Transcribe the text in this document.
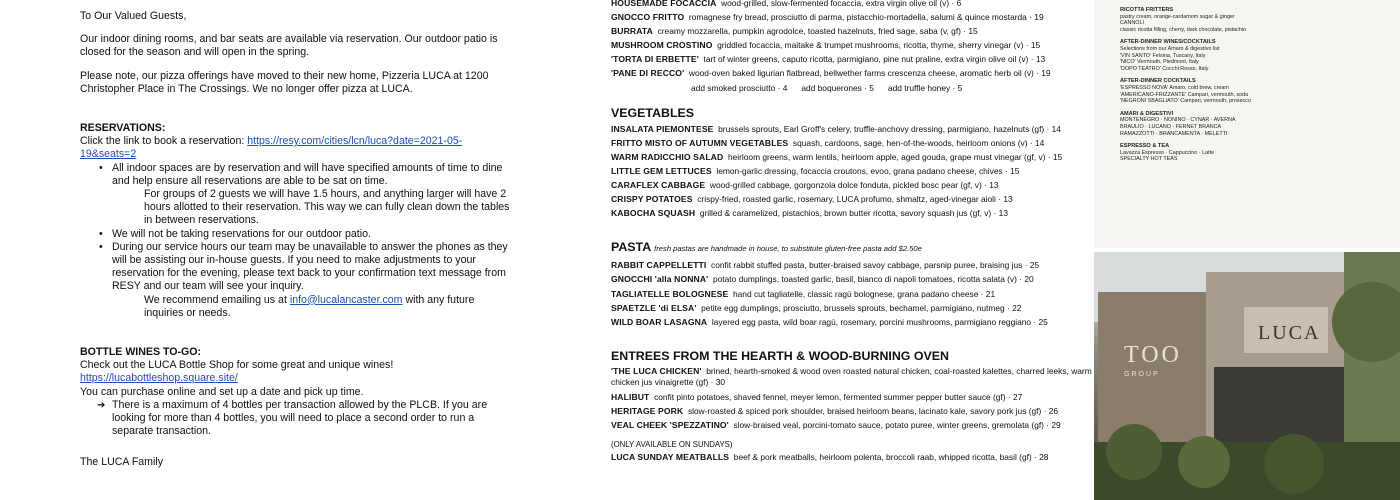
To Our Valued Guests,

Our indoor dining rooms, and bar seats are available via reservation. Our outdoor patio is closed for the season and will open in the spring.

Please note, our pizza offerings have moved to their new home, Pizzeria LUCA at 1200 Christopher Place in The Crossings. We no longer offer pizza at LUCA.

RESERVATIONS:
Click the link to book a reservation: https://resy.com/cities/lcn/luca?date=2021-05-19&seats=2
• All indoor spaces are by reservation and will have specified amounts of time to dine and help ensure all reservations are able to be sat on time.
For groups of 2 guests we will have 1.5 hours, and anything larger will have 2 hours allotted to their reservation. This way we can fully clean down the tables in between reservations.
• We will not be taking reservations for our outdoor patio.
• During our service hours our team may be unavailable to answer the phones as they will be assisting our in-house guests. If you need to make adjustments to your reservation for the evening, please text back to your confirmation text message from RESY and our team will see your inquiry.
We recommend emailing us at info@lucalancaster.com with any future inquiries or needs.
BOTTLE WINES TO-GO:
Check out the LUCA Bottle Shop for some great and unique wines!
https://lucabottleshop.square.site/
You can purchase online and set up a date and pick up time.
➔ There is a maximum of 4 bottles per transaction allowed by the PLCB. If you are looking for more than 4 bottles, you will need to place a second order to run a separate transaction.
The LUCA Family
HOUSEMADE FOCACCIA wood-grilled, slow-fermented focaccia, extra virgin olive oil (v) · 6
GNOCCO FRITTO romagnese fry bread, prosciutto di parma, pistacchio-mortadella, salumi & quince mostarda · 19
BURRATA creamy mozzarella, pumpkin agrodolce, toasted hazelnuts, fried sage, saba (v, gf) · 15
MUSHROOM CROSTINO griddled focaccia, maitake & trumpet mushrooms, ricotta, thyme, sherry vinegar (v) · 15
'TORTA DI ERBETTE' tart of winter greens, caputo ricotta, parmigiano, pine nut praline, extra virgin olive oil (v) · 13
'PANE DI RECCO' wood-oven baked ligurian flatbread, bellwether farms crescenza cheese, aromatic herb oil (v) · 19
add smoked prosciutto · 4      add boquerones · 5      add truffle honey · 5
VEGETABLES
INSALATA PIEMONTESE brussels sprouts, Earl Groff's celery, truffle-anchovy dressing, parmigiano, hazelnuts (gf) · 14
FRITTO MISTO OF AUTUMN VEGETABLES squash, cardoons, sage, hen-of-the-woods, heirloom onions (v) · 14
WARM RADICCHIO SALAD heirloom greens, warm lentils, heirloom apple, aged gouda, grape must vinegar (gf, v) · 15
LITTLE GEM LETTUCES lemon-garlic dressing, focaccia croutons, evoo, grana padano cheese, chives · 15
CARAFLEX CABBAGE wood-grilled cabbage, gorgonzola dolce fonduta, pickled bosc pear (gf, v) · 13
CRISPY POTATOES crispy-fried, roasted garlic, rosemary, LUCA profumo, shmaltz, aged-vinegar aioli · 13
KABOCHA SQUASH grilled & caramelized, pistachios, brown butter ricotta, savory squash jus (gf, v) · 13
PASTA fresh pastas are handmade in house, to substitute gluten-free pasta add $2.50e
RABBIT CAPPELLETTI confit rabbit stuffed pasta, butter-braised savoy cabbage, parsnip puree, braising jus · 25
GNOCCHI 'alla NONNA' potato dumplings, toasted garlic, basil, bianco di napoli tomatoes, ricotta salata (v) · 20
TAGLIATELLE BOLOGNESE hand cut tagliatelle, classic ragù bolognese, grana padano cheese · 21
SPAETZLE 'di ELSA' petite egg dumplings, prosciutto, brussels sprouts, bechamel, parmigiano, nutmeg · 22
WILD BOAR LASAGNA layered egg pasta, wild boar ragù, rosemary, porcini mushrooms, parmigiano reggiano · 25
ENTREES FROM THE HEARTH & WOOD-BURNING OVEN
'THE LUCA CHICKEN' brined, hearth-smoked & wood oven roasted natural chicken, coal-roasted kalettes, charred leeks, warm chicken jus vinaigrette (gf) · 30
HALIBUT confit pinto potatoes, shaved fennel, meyer lemon, fermented summer pepper butter sauce (gf) · 27
HERITAGE PORK slow-roasted & spiced pork shoulder, braised heirloom beans, lacinato kale, savory pork jus (gf) · 26
VEAL CHEEK 'SPEZZATINO' slow-braised veal, porcini-tomato sauce, potato puree, winter greens, gremolata (gf) · 29
(ONLY AVAILABLE ON SUNDAYS)
LUCA SUNDAY MEATBALLS beef & pork meatballs, heirloom polenta, broccoli raab, whipped ricotta, basil (gf) · 28
RICOTTA FRITTERS
pastry cream, orange-cardamom sugar & ginger
CANNOLI
classic ricotta filling, cherry, dark chocolate, pistachio
AFTER-DINNER WINES/COCKTAILS
Selections from our Amaro & digestivo list
'VIN SANTO' Felsina, Tuscany, Italy
'NICO' Vermouth, Piedmont, Italy
'DOPO TEATRO' Cocchi Rosso, Italy
AFTER-DINNER COCKTAILS
'ESPRESSO NOVA' Amaro, cold brew, cream
'AMERICANO-FRIZZANTE' Campari, vermouth, soda
'NEGRONI SBAGLIATO' Campari, vermouth, prosecco
AMARI & DIGESTIVI
MONTENEGRO · NONINO · CYNAR · AVERNA
BRAULIO · LUCANO · FERNET BRANCA
RAMAZZOTTI · BRANCAMENTA · MELETTI
ESPRESSO & TEA
Lavazza Espresso · Cappuccino · Latte
SPECIALTY HOT TEAS
TOO
GROUP
LUCA
